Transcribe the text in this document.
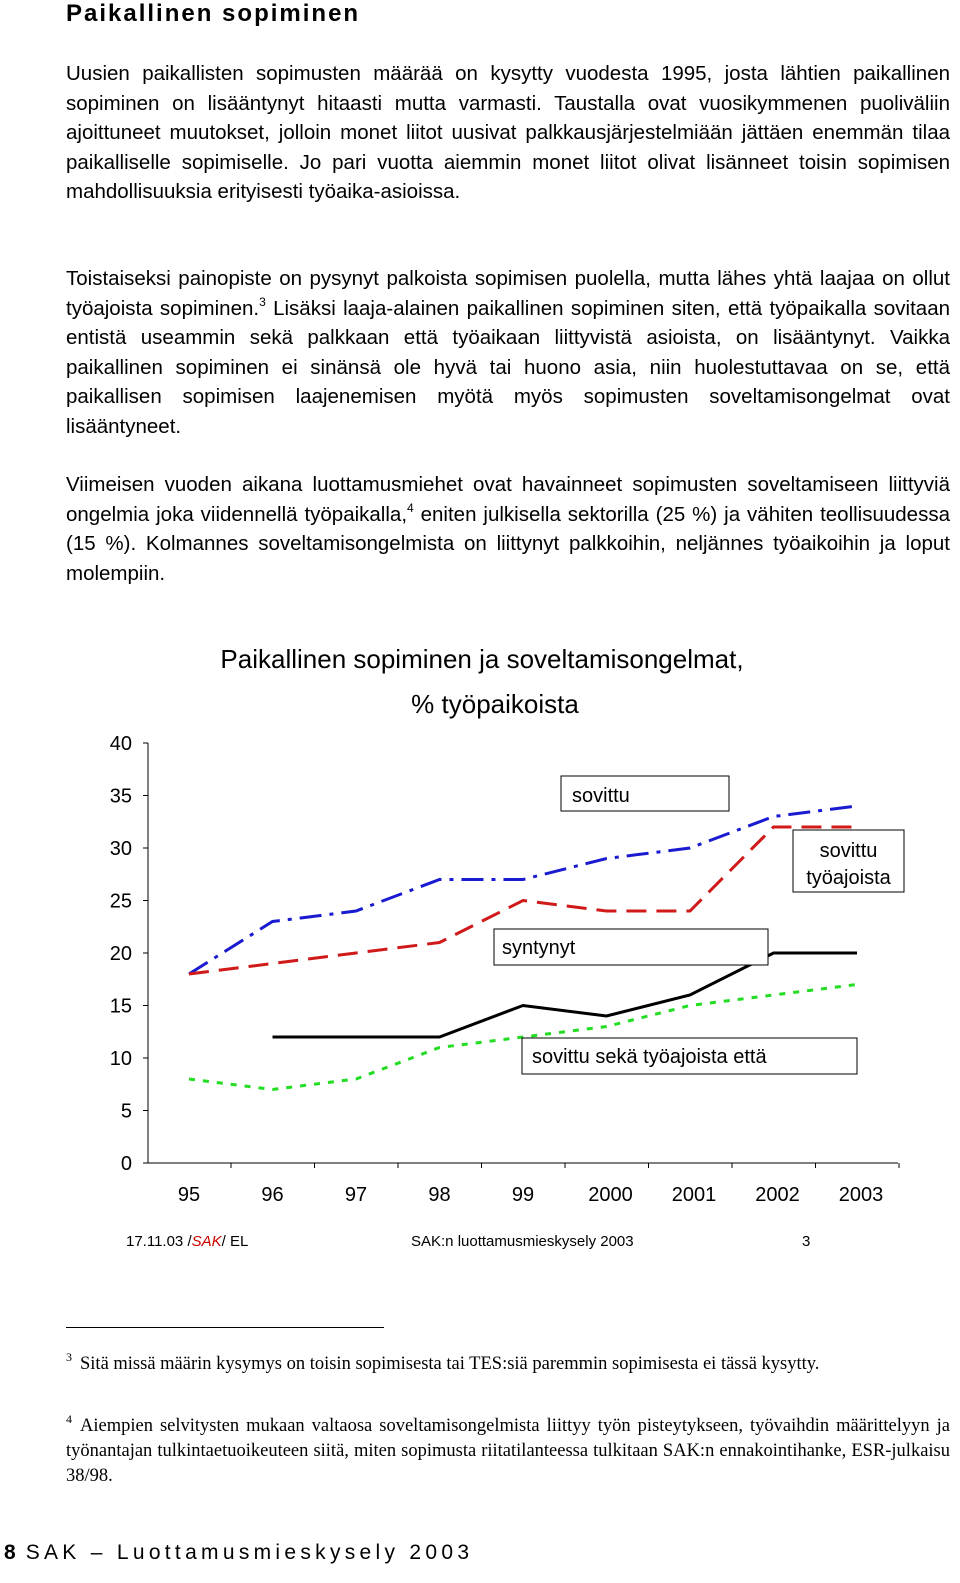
Paikallinen sopiminen

Uusien paikallisten sopimusten määrää on kysytty vuodesta 1995, josta lähtien paikallinen sopiminen on lisääntynyt hitaasti mutta varmasti. Taustalla ovat vuosikymmenen puoliväliin ajoittuneet muutokset, jolloin monet liitot uusivat palkkausjärjestelmiään jättäen enemmän tilaa paikalliselle sopimiselle. Jo pari vuotta aiemmin monet liitot olivat lisänneet toisin sopimisen mahdollisuuksia erityisesti työaika-asioissa.

Toistaiseksi painopiste on pysynyt palkoista sopimisen puolella, mutta lähes yhtä laajaa on ollut työajoista sopiminen.$^3$ Lisäksi laaja-alainen paikallinen sopiminen siten, että työpaikalla sovitaan entistä useammin sekä palkkaan että työaikaan liittyvistä asioista, on lisääntynyt. Vaikka paikallinen sopiminen ei sinänsä ole hyvä tai huono asia, niin huolestuttavaa on se, että paikallisen sopimisen laajenemisen myötä myös sopimusten soveltamisongelmat ovat lisääntyneet.

Viimeisen vuoden aikana luottamusmiehet ovat havainneet sopimusten soveltamiseen liittyviä ongelmia joka viidennellä työpaikalla,$^4$ eniten julkisella sektorilla (25 %) ja vähiten teollisuudessa (15 %). Kolmannes soveltamisongelmista on liittynyt palkkoihin, neljännes työaikoihin ja loput molempiin.

0
5
10
15
20
25
30
35
40
95	96	97	98	99	2000 2001 2002 2003
sovittu
sovittu
työajoista
syntynyt
sovittu sekä työajoista että
Paikallinen sopiminen ja soveltamisongelmat,
% työpaikoista
17.11.03 /SAK/ EL	SAK:n luottamusmieskysely 2003	3
$^3$ Sitä missä määrin kysymys on toisin sopimisesta tai TES:siä paremmin sopimisesta ei tässä kysytty.
$^4$ Aiempien selvitysten mukaan valtaosa soveltamisongelmista liittyy työn pisteytykseen, työvaihdin määrittelyyn ja työnantajan tulkintaetuoikeuteen siitä, miten sopimusta riitatilanteessa tulkitaan SAK:n ennakointihanke, ESR-julkaisu 38/98.
8 SAK – Luottamusmieskysely 2003
